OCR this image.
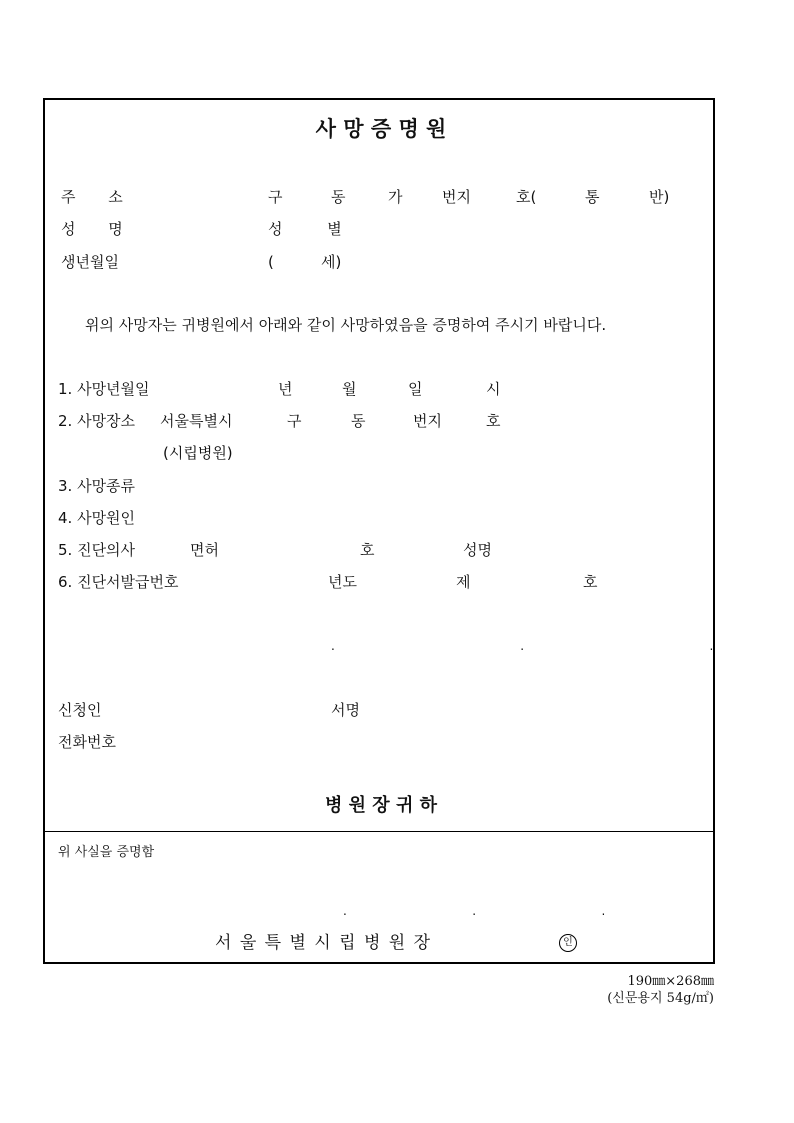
사 망 증 명 원
주 소	구	동	가	번지	호(	통	반)
성 명	성 별
생년월일	(	세)
위의 사망자는 귀병원에서 아래와 같이 사망하였음을 증명하여 주시기 바랍니다.
1. 사망년월일	년	월	일	시
2. 사망장소 서울특별시	구	동	번지	호
(시립병원)
3. 사망종류
4. 사망원인
5. 진단의사	면허	호	성명
6. 진단서발급번호	년도	제	호
.   .   .
신청인	서명
전화번호
병 원 장 귀 하
위 사실을 증명함
.   .   .
서 울 특 별 시 립 병 원 장	인
190㎜×268㎜
(신문용지 54g/㎡)
